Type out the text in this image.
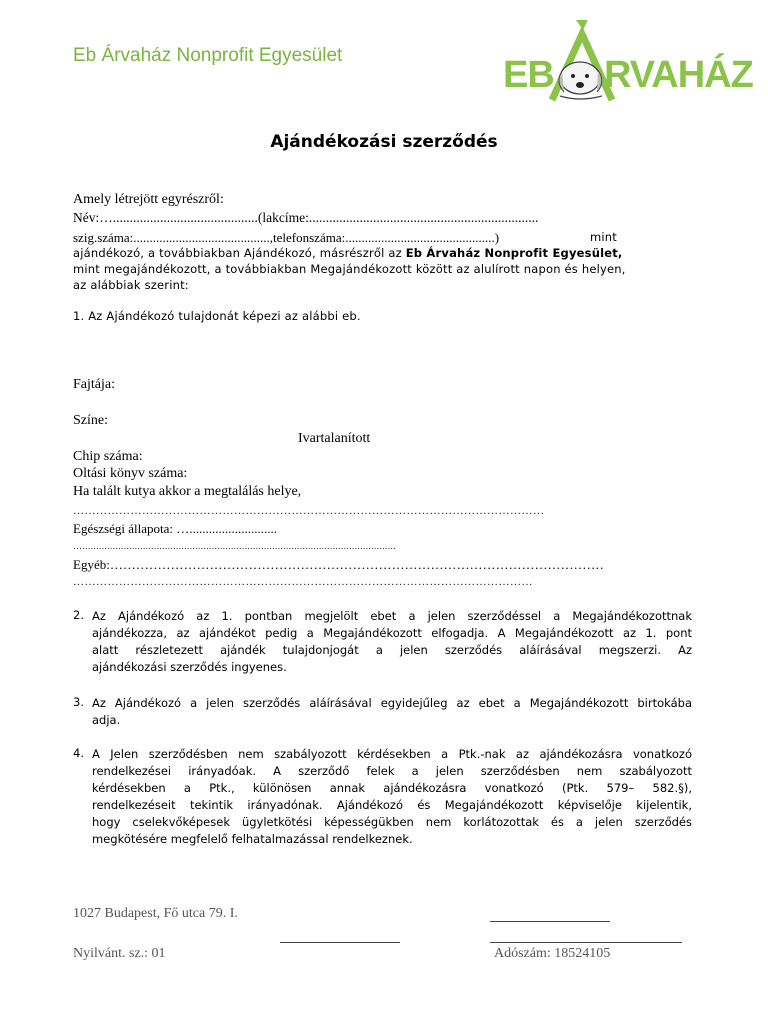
Eb Árvaház Nonprofit Egyesület	EB RVAHÁZ
Ajándékozási szerződés
Amely létrejött egyrészről:
Név:…...........................................(lakcíme:....................................................................
szig.száma:..........................................,telefonszáma:..............................................)	mint
ajándékozó, a továbbiakban Ajándékozó, másrészről az Eb Árvaház Nonprofit Egyesület,
mint megajándékozott, a továbbiakban Megajándékozott között az alulírott napon és helyen,
az alábbiak szerint:
1. Az Ajándékozó tulajdonát képezi az alábbi eb.
Fajtája:
Színe:
Ivartalanított
Chip száma:
Oltási könyv száma:
Ha talált kutya akkor a megtalálás helye,
……………………………………………………………………………………………………………
Egészségi állapota: …...........................
…..................................................................................................................
Egyéb:……………………………………………………………………………………………………
…………………………………………………………………………………………………………
2. Az Ajándékozó az 1. pontban megjelölt ebet a jelen szerződéssel a Megajándékozottnak
ajándékozza, az ajándékot pedig a Megajándékozott elfogadja. A Megajándékozott az 1. pont
alatt részletezett ajándék tulajdonjogát a jelen szerződés aláírásával megszerzi. Az
ajándékozási szerződés ingyenes.
3. Az Ajándékozó a jelen szerződés aláírásával egyidejűleg az ebet a Megajándékozott birtokába
adja.
4. A Jelen szerződésben nem szabályozott kérdésekben a Ptk.-nak az ajándékozásra vonatkozó
rendelkezései irányadóak. A szerződő felek a jelen szerződésben nem szabályozott
kérdésekben a Ptk., különösen annak ajándékozásra vonatkozó (Ptk. 579– 582.§),
rendelkezéseit tekintik irányadónak. Ajándékozó és Megajándékozott képviselője kijelentik,
hogy cselekvőképesek ügyletkötési képességükben nem korlátozottak és a jelen szerződés
megkötésére megfelelő felhatalmazással rendelkeznek.
1027 Budapest, Fő utca 79. I.
Nyilvánt. sz.: 01	Adószám: 18524105
